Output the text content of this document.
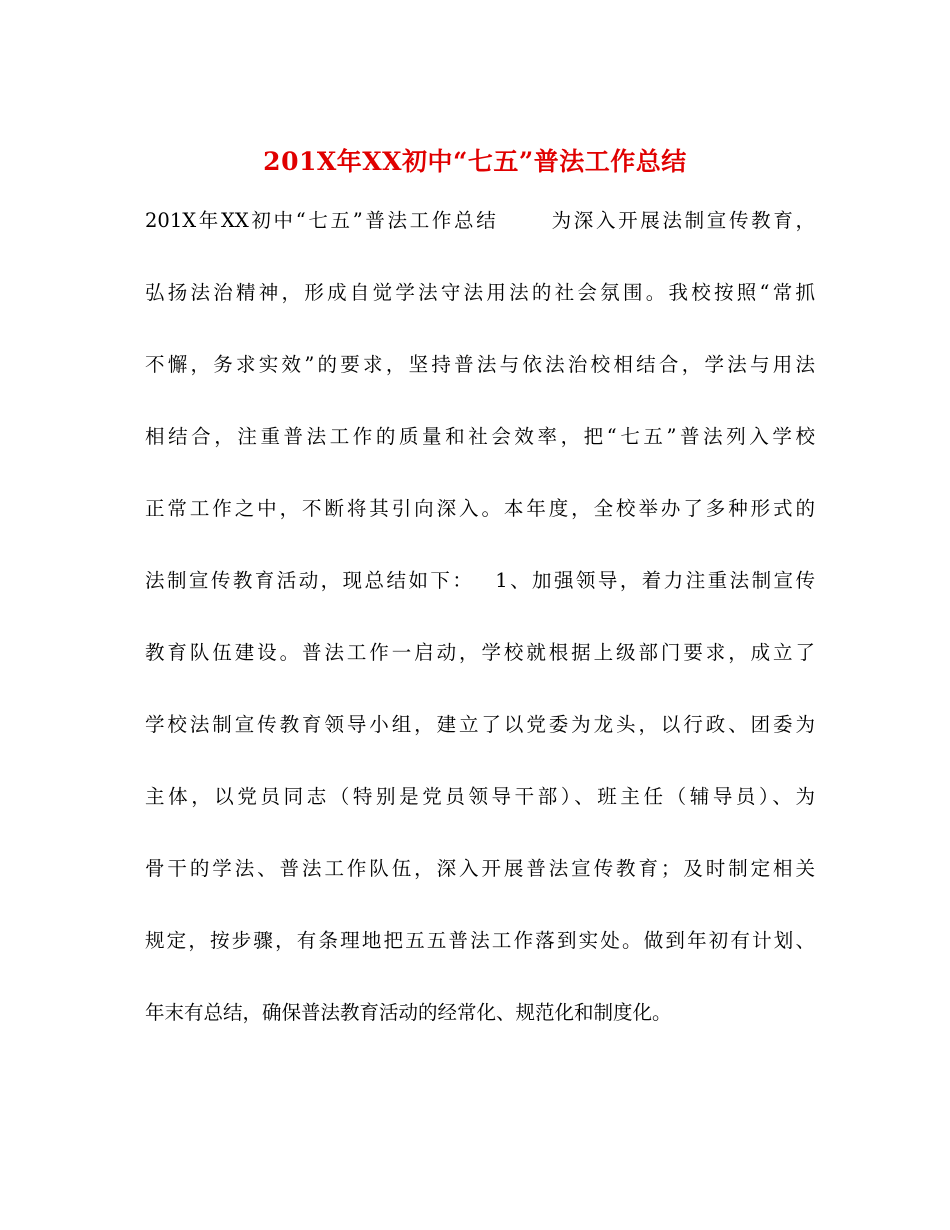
201X年XX初中“七五”普法工作总结
201X年XX初中“七五”普法工作总结　　 为深入开展法制宣传教育，
弘扬法治精神，形成自觉学法守法用法的社会氛围。我校按照“常抓
不懈，务求实效”的要求，坚持普法与依法治校相结合，学法与用法
相结合，注重普法工作的质量和社会效率，把“七五”普法列入学校
正常工作之中，不断将其引向深入。本年度，全校举办了多种形式的
法制宣传教育活动，现总结如下：　 1、加强领导，着力注重法制宣传
教育队伍建设。普法工作一启动，学校就根据上级部门要求，成立了
学校法制宣传教育领导小组，建立了以党委为龙头，以行政、团委为
主体，以党员同志（特别是党员领导干部）、班主任（辅导员）、为
骨干的学法、普法工作队伍，深入开展普法宣传教育；及时制定相关
规定，按步骤，有条理地把五五普法工作落到实处。做到年初有计划、
年末有总结，确保普法教育活动的经常化、规范化和制度化。
